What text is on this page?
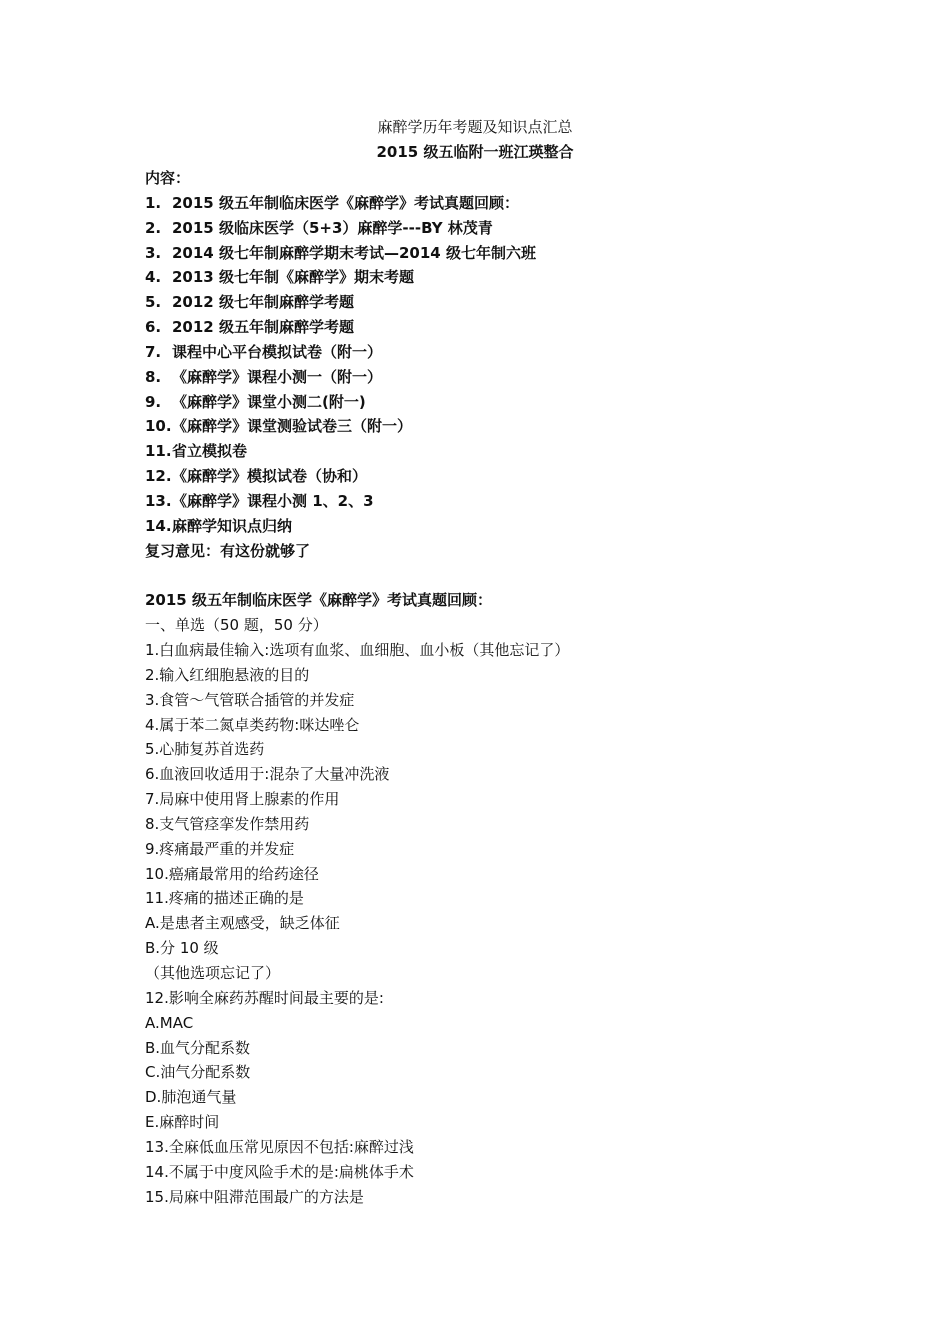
麻醉学历年考题及知识点汇总
2015 级五临附一班江瑛整合
内容：
1. 2015 级五年制临床医学《麻醉学》考试真题回顾：
2. 2015 级临床医学（5+3）麻醉学---BY 林茂青
3. 2014 级七年制麻醉学期末考试—2014 级七年制六班
4. 2013 级七年制《麻醉学》期末考题
5. 2012 级七年制麻醉学考题
6. 2012 级五年制麻醉学考题
7. 课程中心平台模拟试卷（附一）
8. 《麻醉学》课程小测一（附一）
9. 《麻醉学》课堂小测二(附一)
10. 《麻醉学》课堂测验试卷三（附一）
11. 省立模拟卷
12. 《麻醉学》模拟试卷（协和）
13. 《麻醉学》课程小测 1、2、3
14. 麻醉学知识点归纳
复习意见：有这份就够了
2015 级五年制临床医学《麻醉学》考试真题回顾：
一、单选（50 题，50 分）
1.白血病最佳输入:选项有血浆、血细胞、血小板（其他忘记了）
2.输入红细胞悬液的目的
3.食管～气管联合插管的并发症
4.属于苯二氮卓类药物:咪达唑仑
5.心肺复苏首选药
6.血液回收适用于:混杂了大量冲洗液
7.局麻中使用肾上腺素的作用
8.支气管痉挛发作禁用药
9.疼痛最严重的并发症
10.癌痛最常用的给药途径
11.疼痛的描述正确的是
A.是患者主观感受，缺乏体征
B.分 10 级
（其他选项忘记了）
12.影响全麻药苏醒时间最主要的是:
A.MAC
B.血气分配系数
C.油气分配系数
D.肺泡通气量
E.麻醉时间
13.全麻低血压常见原因不包括:麻醉过浅
14.不属于中度风险手术的是:扁桃体手术
15.局麻中阻滞范围最广的方法是
